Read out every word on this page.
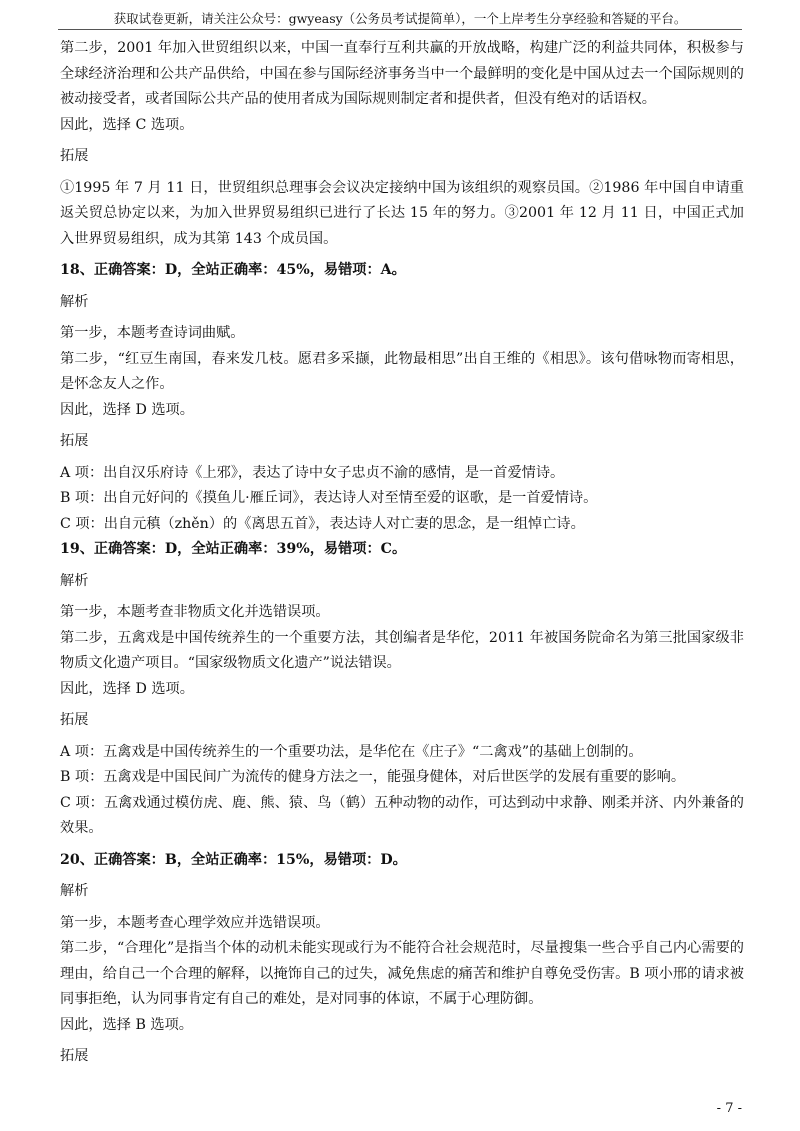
获取试卷更新，请关注公众号：gwyeasy（公务员考试提简单），一个上岸考生分享经验和答疑的平台。

第二步，2001 年加入世贸组织以来，中国一直奉行互利共赢的开放战略，构建广泛的利益共同体，积极参与全球经济治理和公共产品供给，中国在参与国际经济事务当中一个最鲜明的变化是中国从过去一个国际规则的被动接受者，或者国际公共产品的使用者成为国际规则制定者和提供者，但没有绝对的话语权。

因此，选择 C 选项。

拓展

①1995 年 7 月 11 日，世贸组织总理事会会议决定接纳中国为该组织的观察员国。②1986 年中国自申请重返关贸总协定以来，为加入世界贸易组织已进行了长达 15 年的努力。③2001 年 12 月 11 日，中国正式加入世界贸易组织，成为其第 143 个成员国。

18、正确答案：D，全站正确率：45%，易错项：A。

解析

第一步，本题考查诗词曲赋。

第二步，“红豆生南国，春来发几枝。愿君多采撷，此物最相思”出自王维的《相思》。该句借咏物而寄相思，是怀念友人之作。

因此，选择 D 选项。

拓展

A 项：出自汉乐府诗《上邪》，表达了诗中女子忠贞不渝的感情，是一首爱情诗。

B 项：出自元好问的《摸鱼儿·雁丘词》，表达诗人对至情至爱的讴歌，是一首爱情诗。

C 项：出自元稹（zhěn）的《离思五首》，表达诗人对亡妻的思念，是一组悼亡诗。

19、正确答案：D，全站正确率：39%，易错项：C。

解析

第一步，本题考查非物质文化并选错误项。

第二步，五禽戏是中国传统养生的一个重要方法，其创编者是华佗，2011 年被国务院命名为第三批国家级非物质文化遗产项目。“国家级物质文化遗产”说法错误。

因此，选择 D 选项。

拓展

A 项：五禽戏是中国传统养生的一个重要功法，是华佗在《庄子》“二禽戏”的基础上创制的。

B 项：五禽戏是中国民间广为流传的健身方法之一，能强身健体，对后世医学的发展有重要的影响。

C 项：五禽戏通过模仿虎、鹿、熊、猿、鸟（鹤）五种动物的动作，可达到动中求静、刚柔并济、内外兼备的效果。

20、正确答案：B，全站正确率：15%，易错项：D。

解析

第一步，本题考查心理学效应并选错误项。

第二步，“合理化”是指当个体的动机未能实现或行为不能符合社会规范时，尽量搜集一些合乎自己内心需要的理由，给自己一个合理的解释，以掩饰自己的过失，减免焦虑的痛苦和维护自尊免受伤害。B 项小邢的请求被同事拒绝，认为同事肯定有自己的难处，是对同事的体谅，不属于心理防御。

因此，选择 B 选项。

拓展

- 7 -
